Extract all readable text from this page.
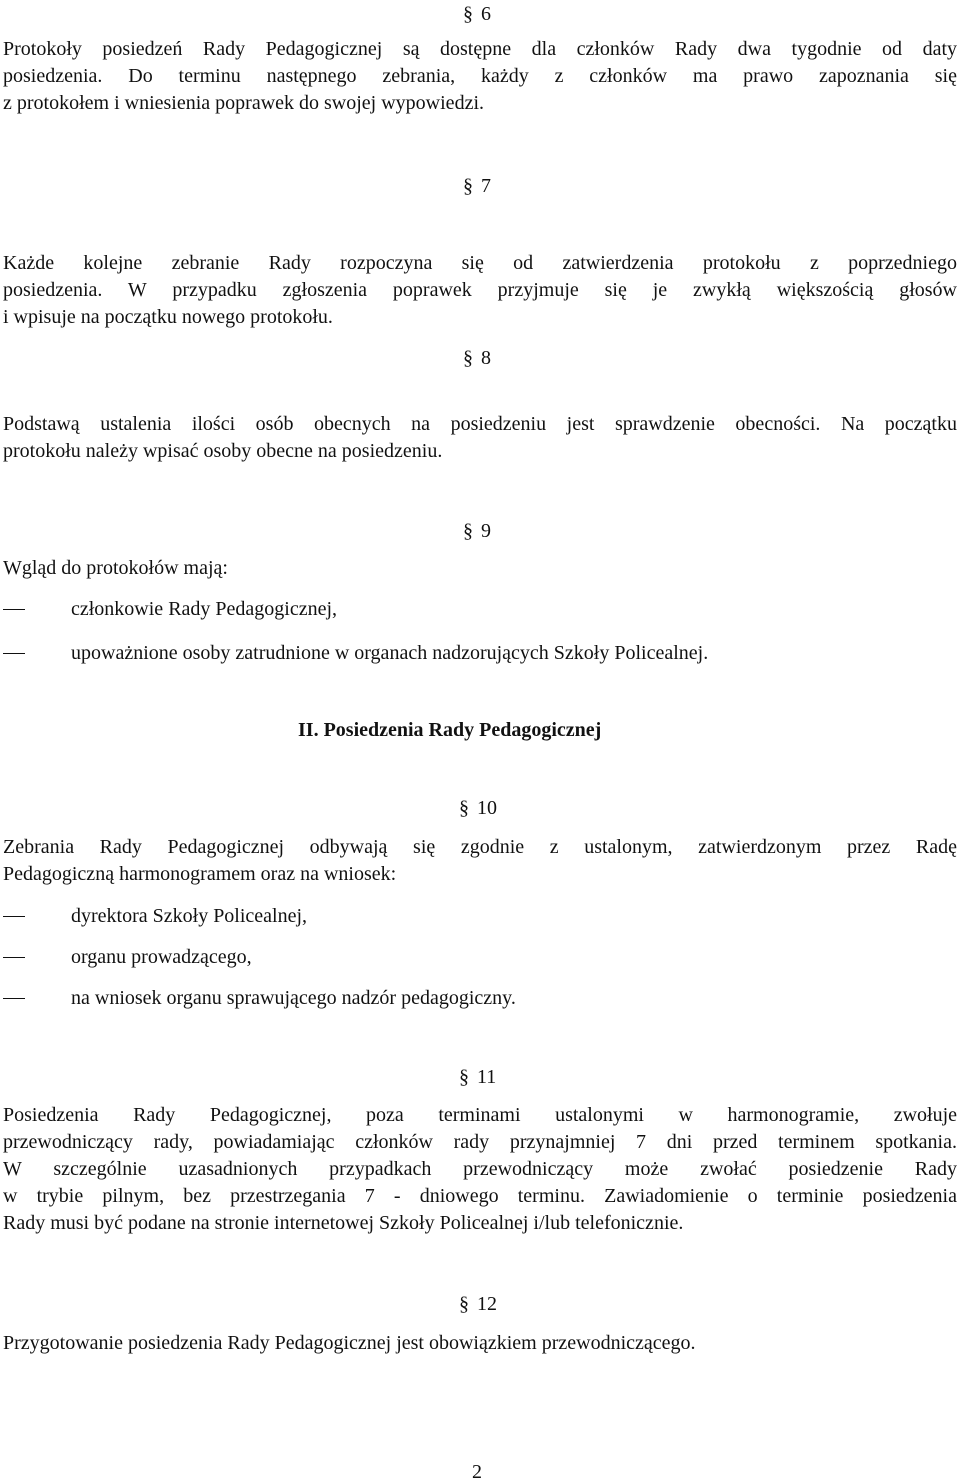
§ 6
Protokoły posiedzeń Rady Pedagogicznej są dostępne dla członków Rady dwa tygodnie od daty
posiedzenia. Do terminu następnego zebrania, każdy z członków ma prawo zapoznania się
z protokołem i wniesienia poprawek do swojej wypowiedzi.
§ 7
Każde kolejne zebranie Rady rozpoczyna się od zatwierdzenia protokołu z poprzedniego
posiedzenia. W przypadku zgłoszenia poprawek przyjmuje się je zwykłą większością głosów
i wpisuje na początku nowego protokołu.
§ 8
Podstawą ustalenia ilości osób obecnych na posiedzeniu jest sprawdzenie obecności. Na początku
protokołu należy wpisać osoby obecne na posiedzeniu.
§ 9
Wgląd do protokołów mają:
członkowie Rady Pedagogicznej,
upoważnione osoby zatrudnione w organach nadzorujących Szkoły Policealnej.
II. Posiedzenia Rady Pedagogicznej
§ 10
Zebrania Rady Pedagogicznej odbywają się zgodnie z ustalonym, zatwierdzonym przez Radę
Pedagogiczną harmonogramem oraz na wniosek:
dyrektora Szkoły Policealnej,
organu prowadzącego,
na wniosek organu sprawującego nadzór pedagogiczny.
§ 11
Posiedzenia Rady Pedagogicznej, poza terminami ustalonymi w harmonogramie, zwołuje
przewodniczący rady, powiadamiając członków rady przynajmniej 7 dni przed terminem spotkania.
W szczególnie uzasadnionych przypadkach przewodniczący może zwołać posiedzenie Rady
w trybie pilnym, bez przestrzegania 7 - dniowego terminu. Zawiadomienie o terminie posiedzenia
Rady musi być podane na stronie internetowej Szkoły Policealnej i/lub telefonicznie.
§ 12
Przygotowanie posiedzenia Rady Pedagogicznej jest obowiązkiem przewodniczącego.
2
